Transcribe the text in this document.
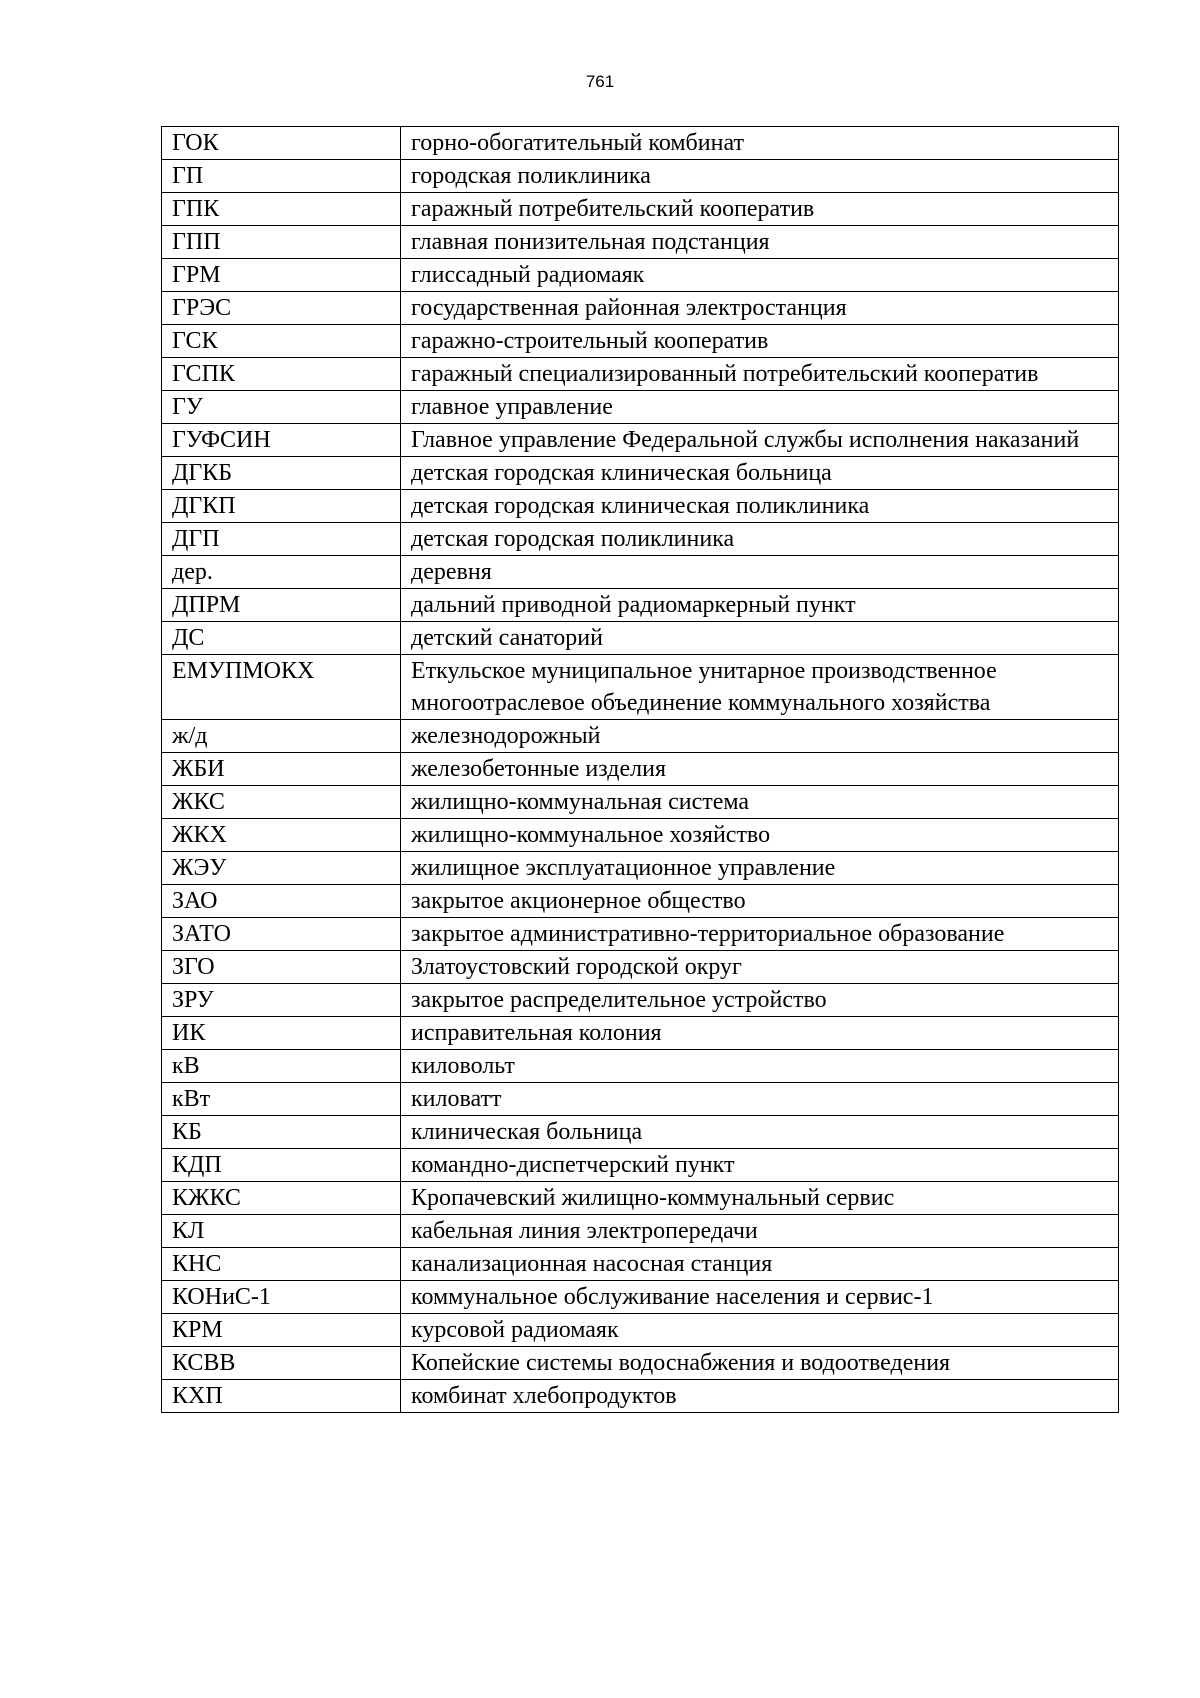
761
ГОК	горно-обогатительный комбинат
ГП	городская поликлиника
ГПК	гаражный потребительский кооператив
ГПП	главная понизительная подстанция
ГРМ	глиссадный радиомаяк
ГРЭС	государственная районная электростанция
ГСК	гаражно-строительный кооператив
ГСПК	гаражный специализированный потребительский кооператив
ГУ	главное управление
ГУФСИН	Главное управление Федеральной службы исполнения наказаний
ДГКБ	детская городская клиническая больница
ДГКП	детская городская клиническая поликлиника
ДГП	детская городская поликлиника
дер.	деревня
ДПРМ	дальний приводной радиомаркерный пункт
ДС	детский санаторий
ЕМУПМОКХ	Еткульское муниципальное унитарное производственное многоотраслевое объединение коммунального хозяйства
ж/д	железнодорожный
ЖБИ	железобетонные изделия
ЖКС	жилищно-коммунальная система
ЖКХ	жилищно-коммунальное хозяйство
ЖЭУ	жилищное эксплуатационное управление
ЗАО	закрытое акционерное общество
ЗАТО	закрытое административно-территориальное образование
ЗГО	Златоустовский городской округ
ЗРУ	закрытое распределительное устройство
ИК	исправительная колония
кВ	киловольт
кВт	киловатт
КБ	клиническая больница
КДП	командно-диспетчерский пункт
КЖКС	Кропачевский жилищно-коммунальный сервис
КЛ	кабельная линия электропередачи
КНС	канализационная насосная станция
КОНиС-1	коммунальное обслуживание населения и сервис-1
КРМ	курсовой радиомаяк
КСВВ	Копейские системы водоснабжения и водоотведения
КХП	комбинат хлебопродуктов
